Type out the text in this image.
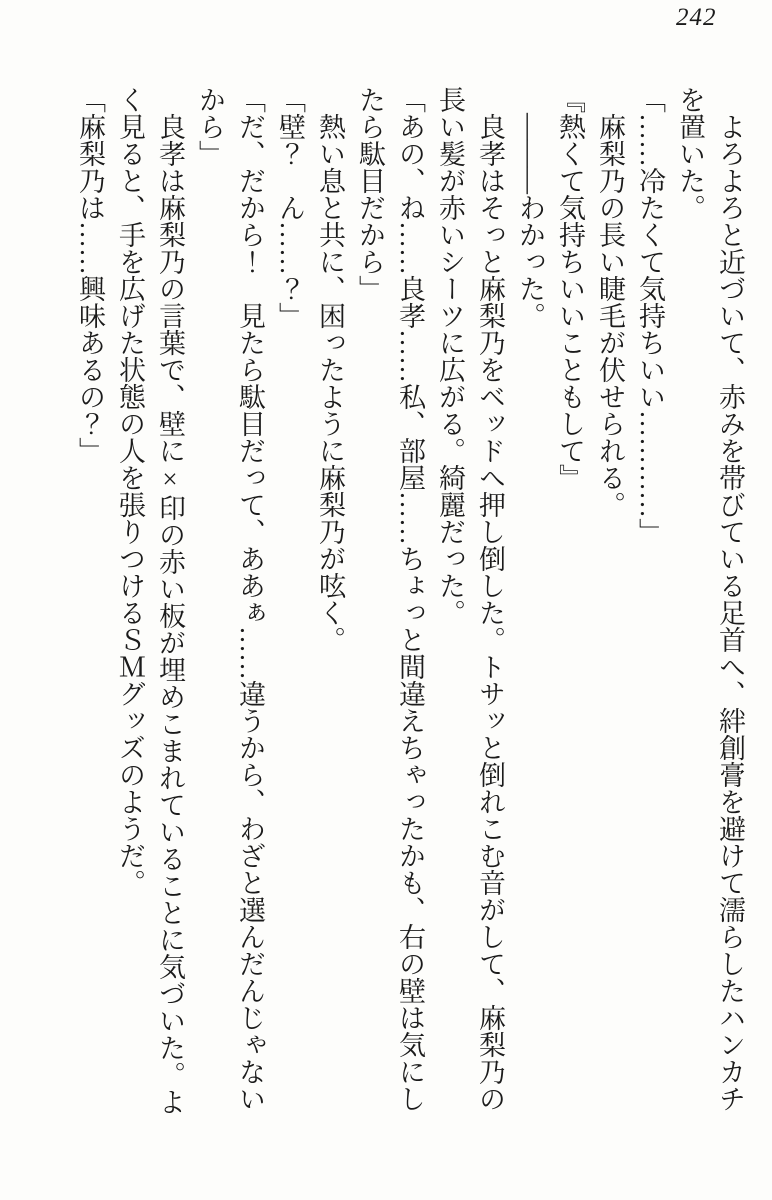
242
　よろよろと近づいて、赤みを帯びている足首へ、絆創膏を避けて濡らしたハンカチ
を置いた。
「……冷たくて気持ちいい…………」
　麻梨乃の長い睫毛が伏せられる。
『熱くて気持ちいいこともして』
　―――わかった。
　良孝はそっと麻梨乃をベッドへ押し倒した。トサッと倒れこむ音がして、麻梨乃の
長い髪が赤いシーツに広がる。綺麗だった。
「あの、ね……良孝……私、部屋……ちょっと間違えちゃったかも、右の壁は気にし
たら駄目だから」
　熱い息と共に、困ったように麻梨乃が呟く。
「壁？　ん……？」
「だ、だから！　見たら駄目だって、ああぁ……違うから、わざと選んだんじゃない
から」
　良孝は麻梨乃の言葉で、壁に×印の赤い板が埋めこまれていることに気づいた。よ
く見ると、手を広げた状態の人を張りつけるＳＭグッズのようだ。
「麻梨乃は……興味あるの？」
